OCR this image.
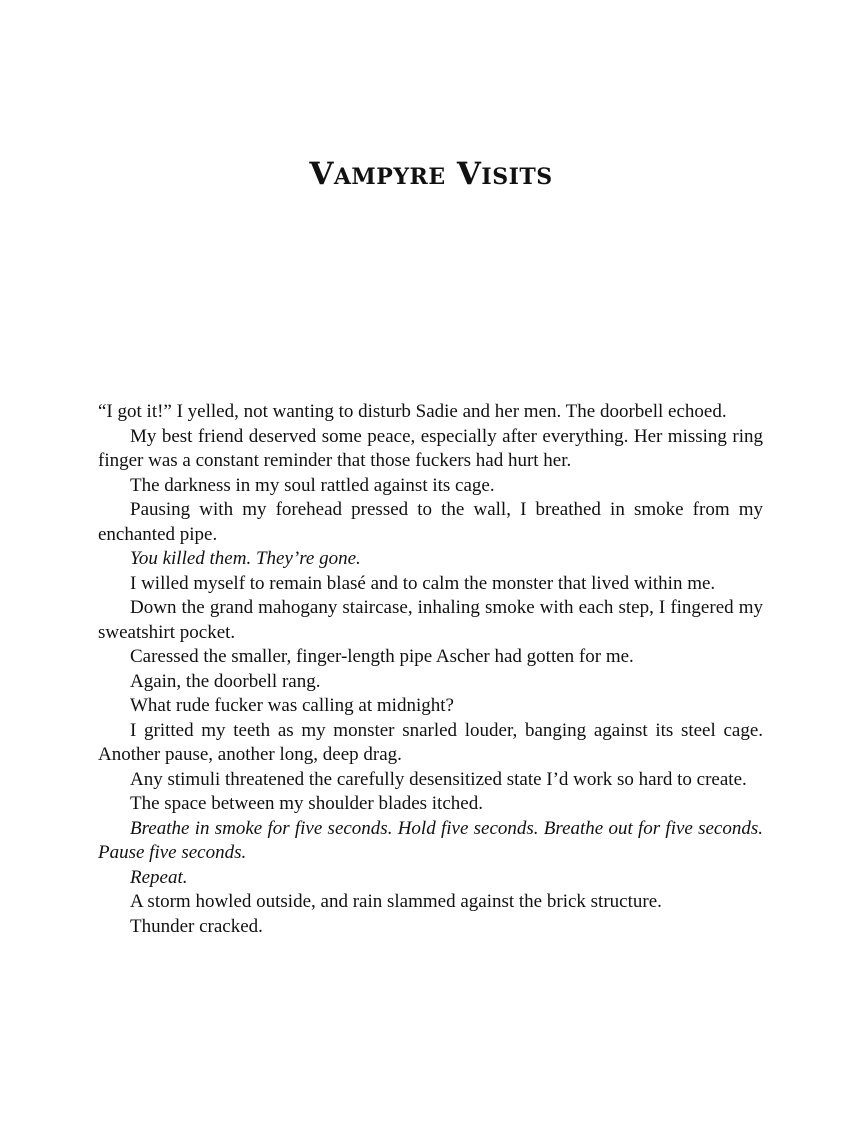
Vampyre Visits

“I got it!” I yelled, not wanting to disturb Sadie and her men. The doorbell echoed.

My best friend deserved some peace, especially after everything. Her missing ring finger was a constant reminder that those fuckers had hurt her.

The darkness in my soul rattled against its cage.

Pausing with my forehead pressed to the wall, I breathed in smoke from my enchanted pipe.

You killed them. They’re gone.

I willed myself to remain blasé and to calm the monster that lived within me.

Down the grand mahogany staircase, inhaling smoke with each step, I fingered my sweatshirt pocket.

Caressed the smaller, finger-length pipe Ascher had gotten for me.

Again, the doorbell rang.

What rude fucker was calling at midnight?

I gritted my teeth as my monster snarled louder, banging against its steel cage. Another pause, another long, deep drag.

Any stimuli threatened the carefully desensitized state I’d work so hard to create.

The space between my shoulder blades itched.

Breathe in smoke for five seconds. Hold five seconds. Breathe out for five seconds. Pause five seconds.

Repeat.

A storm howled outside, and rain slammed against the brick structure.

Thunder cracked.
